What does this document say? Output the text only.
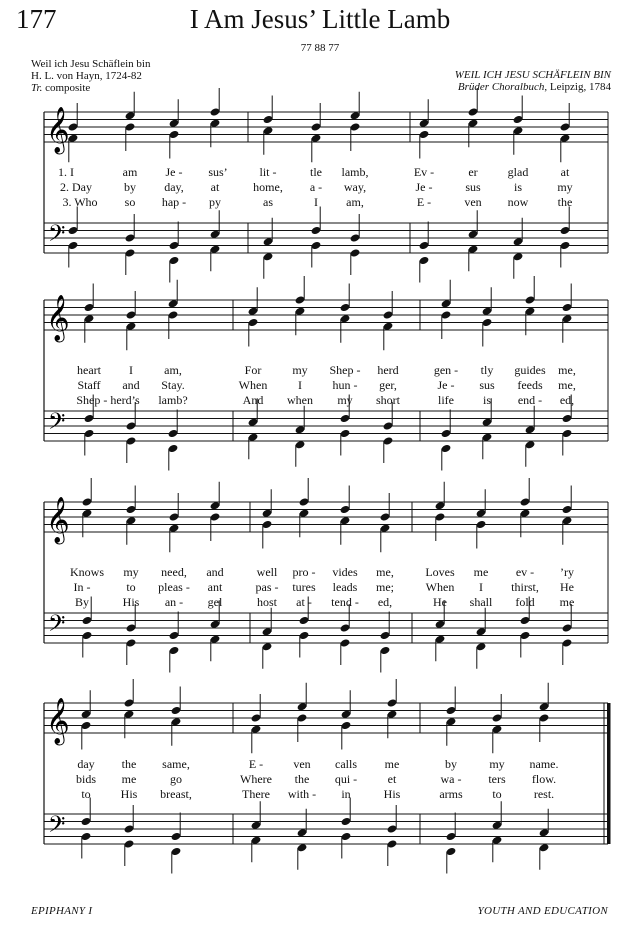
177	I Am Jesus’ Little Lamb
77 88 77
Weil ich Jesu Schäflein bin
H. L. von Hayn, 1724-82
Tr. composite
WEIL ICH JESU SCHÄFLEIN BIN
Brüder Choralbuch, Leipzig, 1784
𝄞
𝄢
𝄞
𝄢
𝄞
𝄢
𝄞
𝄢
1. I	am Je - sus’	lit -	tle lamb,	Ev -	er	glad	at
2. Day	by day, at	home, a - way,	Je -	sus	is	my
3. Who so hap - py	as	I am,	E -	ven now the
heart I	am,	For	my Shep - herd	gen - tly guides me,
Staff and Stay.	When	I	hun - ger,	Je - sus feeds me,
Shep - herd’s lamb?	And when my short	life is end - ed,
Knows my need, and	well pro - vides me,	Loves me ev - ’ry
In -	to pleas - ant	pas - tures leads me;	When I thirst, He
By	His an - gel	host at - tend - ed,	He shall fold me
day the same,	E -	ven calls me	by	my name.
bids me	go	Where the qui -	et	wa - ters flow.
to His breast,	There with - in	His	arms to	rest.
EPIPHANY I	YOUTH AND EDUCATION
